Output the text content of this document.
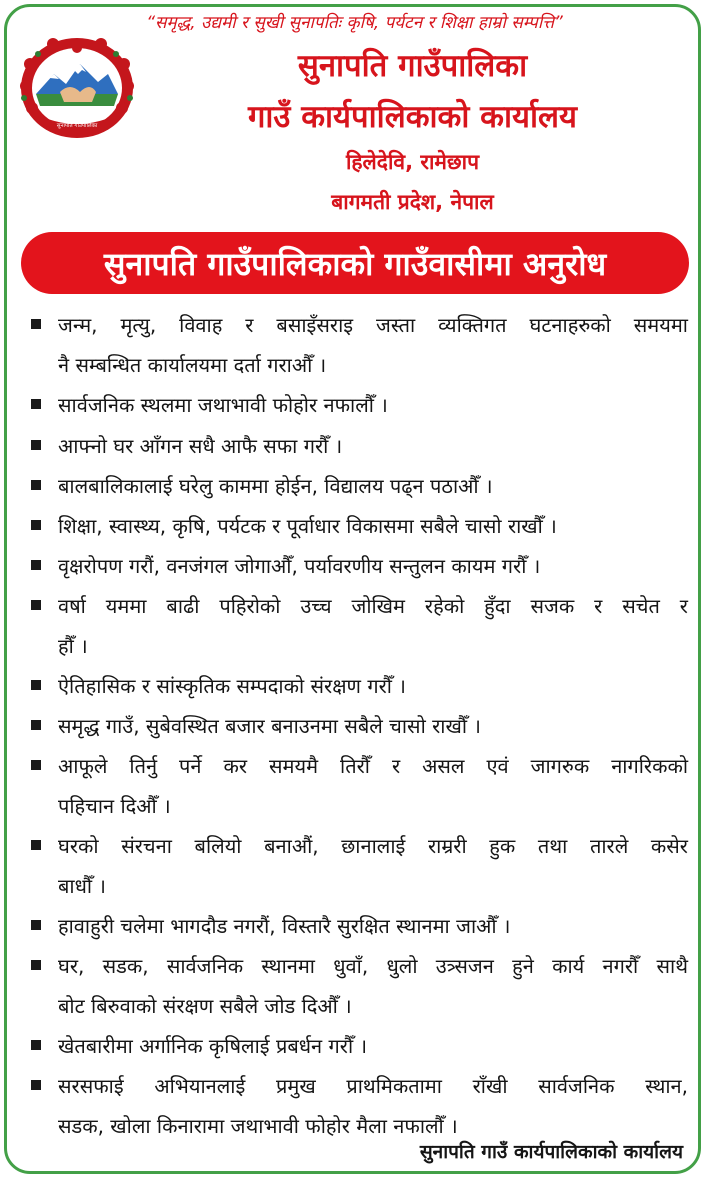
“समृद्ध, उद्यमी र सुखी सुनापतिः कृषि, पर्यटन र शिक्षा हाम्रो सम्पत्ति”
सुनापति गाउँपालिका
सुनापति गाउँपालिका
गाउँ कार्यपालिकाको कार्यालय
हिलेदेवि, रामेछाप
बागमती प्रदेश, नेपाल
सुनापति गाउँपालिकाको गाउँवासीमा अनुरोध
जन्म, मृत्यु, विवाह र बसाइँसराइ जस्ता व्यक्तिगत घटनाहरुको समयमा
नै सम्बन्धित कार्यालयमा दर्ता गराऔँ ।
सार्वजनिक स्थलमा जथाभावी फोहोर नफालौँ ।
आफ्नो घर आँगन सधै आफै सफा गरौँ ।
बालबालिकालाई घरेलु काममा होईन, विद्यालय पढ्न पठाऔँ ।
शिक्षा, स्वास्थ्य, कृषि, पर्यटक र पूर्वाधार विकासमा सबैले चासो राखौँ ।
वृक्षरोपण गरौं, वनजंगल जोगाऔँ, पर्यावरणीय सन्तुलन कायम गरौँ ।
वर्षा यममा बाढी पहिरोको उच्च जोखिम रहेको हुँदा सजक र सचेत र
हौँ ।
ऐतिहासिक र सांस्कृतिक सम्पदाको संरक्षण गरौँ ।
समृद्ध गाउँ, सुबेवस्थित बजार बनाउनमा सबैले चासो राखौँ ।
आफूले तिर्नु पर्ने कर समयमै तिरौँ र असल एवं जागरुक नागरिकको
पहिचान दिऔँ ।
घरको संरचना बलियो बनाऔं, छानालाई राम्ररी हुक तथा तारले कसेर
बाधौँ ।
हावाहुरी चलेमा भागदौड नगरौं, विस्तारै सुरक्षित स्थानमा जाऔँ ।
घर, सडक, सार्वजनिक स्थानमा धुवाँ, धुलो उत्र्सजन हुने कार्य नगरौँ साथै
बोट बिरुवाको संरक्षण सबैले जोड दिऔँ ।
खेतबारीमा अर्गानिक कृषिलाई प्रबर्धन गरौँ ।
सरसफाई अभियानलाई प्रमुख प्राथमिकतामा राँखी सार्वजनिक स्थान,
सडक, खोला किनारामा जथाभावी फोहोर मैला नफालौँ ।
सुनापति गाउँ कार्यपालिकाको कार्यालय
